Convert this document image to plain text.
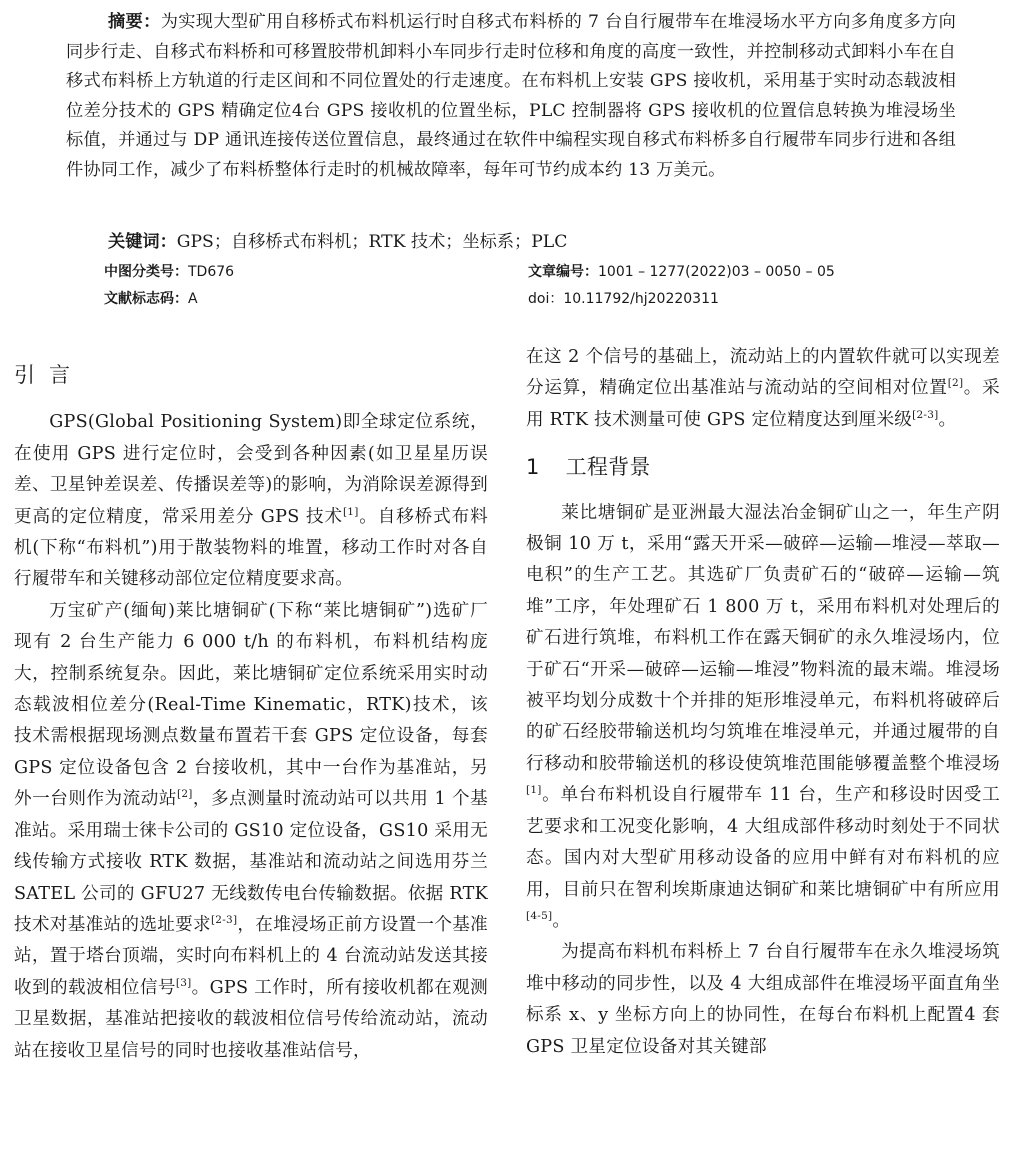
摘要：为实现大型矿用自移桥式布料机运行时自移式布料桥的 7 台自行履带车在堆浸场水平方向多角度多方向同步行走、自移式布料桥和可移置胶带机卸料小车同步行走时位移和角度的高度一致性，并控制移动式卸料小车在自移式布料桥上方轨道的行走区间和不同位置处的行走速度。在布料机上安装 GPS 接收机，采用基于实时动态载波相位差分技术的 GPS 精确定位4台 GPS 接收机的位置坐标，PLC 控制器将 GPS 接收机的位置信息转换为堆浸场坐标值，并通过与 DP 通讯连接传送位置信息，最终通过在软件中编程实现自移式布料桥多自行履带车同步行进和各组件协同工作，减少了布料桥整体行走时的机械故障率，每年可节约成本约 13 万美元。

关键词：GPS；自移桥式布料机；RTK 技术；坐标系；PLC

中图分类号：TD676

文献标志码：A

文章编号：1001 – 1277(2022)03 – 0050 – 05

doi：10.11792/hj20220311

引言

GPS(Global Positioning System)即全球定位系统，在使用 GPS 进行定位时，会受到各种因素(如卫星星历误差、卫星钟差误差、传播误差等)的影响，为消除误差源得到更高的定位精度，常采用差分 GPS 技术[1]。自移桥式布料机(下称“布料机”)用于散装物料的堆置，移动工作时对各自行履带车和关键移动部位定位精度要求高。

万宝矿产(缅甸)莱比塘铜矿(下称“莱比塘铜矿”)选矿厂现有 2 台生产能力 6 000 t/h 的布料机，布料机结构庞大，控制系统复杂。因此，莱比塘铜矿定位系统采用实时动态载波相位差分(Real-Time Kinematic，RTK)技术，该技术需根据现场测点数量布置若干套 GPS 定位设备，每套 GPS 定位设备包含 2 台接收机，其中一台作为基准站，另外一台则作为流动站[2]，多点测量时流动站可以共用 1 个基准站。采用瑞士徕卡公司的 GS10 定位设备，GS10 采用无线传输方式接收 RTK 数据，基准站和流动站之间选用芬兰 SATEL 公司的 GFU27 无线数传电台传输数据。依据 RTK 技术对基准站的选址要求[2-3]，在堆浸场正前方设置一个基准站，置于塔台顶端，实时向布料机上的 4 台流动站发送其接收到的载波相位信号[3]。GPS 工作时，所有接收机都在观测卫星数据，基准站把接收的载波相位信号传给流动站，流动站在接收卫星信号的同时也接收基准站信号，

在这 2 个信号的基础上，流动站上的内置软件就可以实现差分运算，精确定位出基准站与流动站的空间相对位置[2]。采用 RTK 技术测量可使 GPS 定位精度达到厘米级[2-3]。

1 工程背景

莱比塘铜矿是亚洲最大湿法冶金铜矿山之一，年生产阴极铜 10 万 t，采用“露天开采—破碎—运输—堆浸—萃取—电积”的生产工艺。其选矿厂负责矿石的“破碎—运输—筑堆”工序，年处理矿石 1 800 万 t，采用布料机对处理后的矿石进行筑堆，布料机工作在露天铜矿的永久堆浸场内，位于矿石“开采—破碎—运输—堆浸”物料流的最末端。堆浸场被平均划分成数十个并排的矩形堆浸单元，布料机将破碎后的矿石经胶带输送机均匀筑堆在堆浸单元，并通过履带的自行移动和胶带输送机的移设使筑堆范围能够覆盖整个堆浸场[1]。单台布料机设自行履带车 11 台，生产和移设时因受工艺要求和工况变化影响，4 大组成部件移动时刻处于不同状态。国内对大型矿用移动设备的应用中鲜有对布料机的应用，目前只在智利埃斯康迪达铜矿和莱比塘铜矿中有所应用[4-5]。

为提高布料机布料桥上 7 台自行履带车在永久堆浸场筑堆中移动的同步性，以及 4 大组成部件在堆浸场平面直角坐标系 x、y 坐标方向上的协同性，在每台布料机上配置4 套 GPS 卫星定位设备对其关键部
